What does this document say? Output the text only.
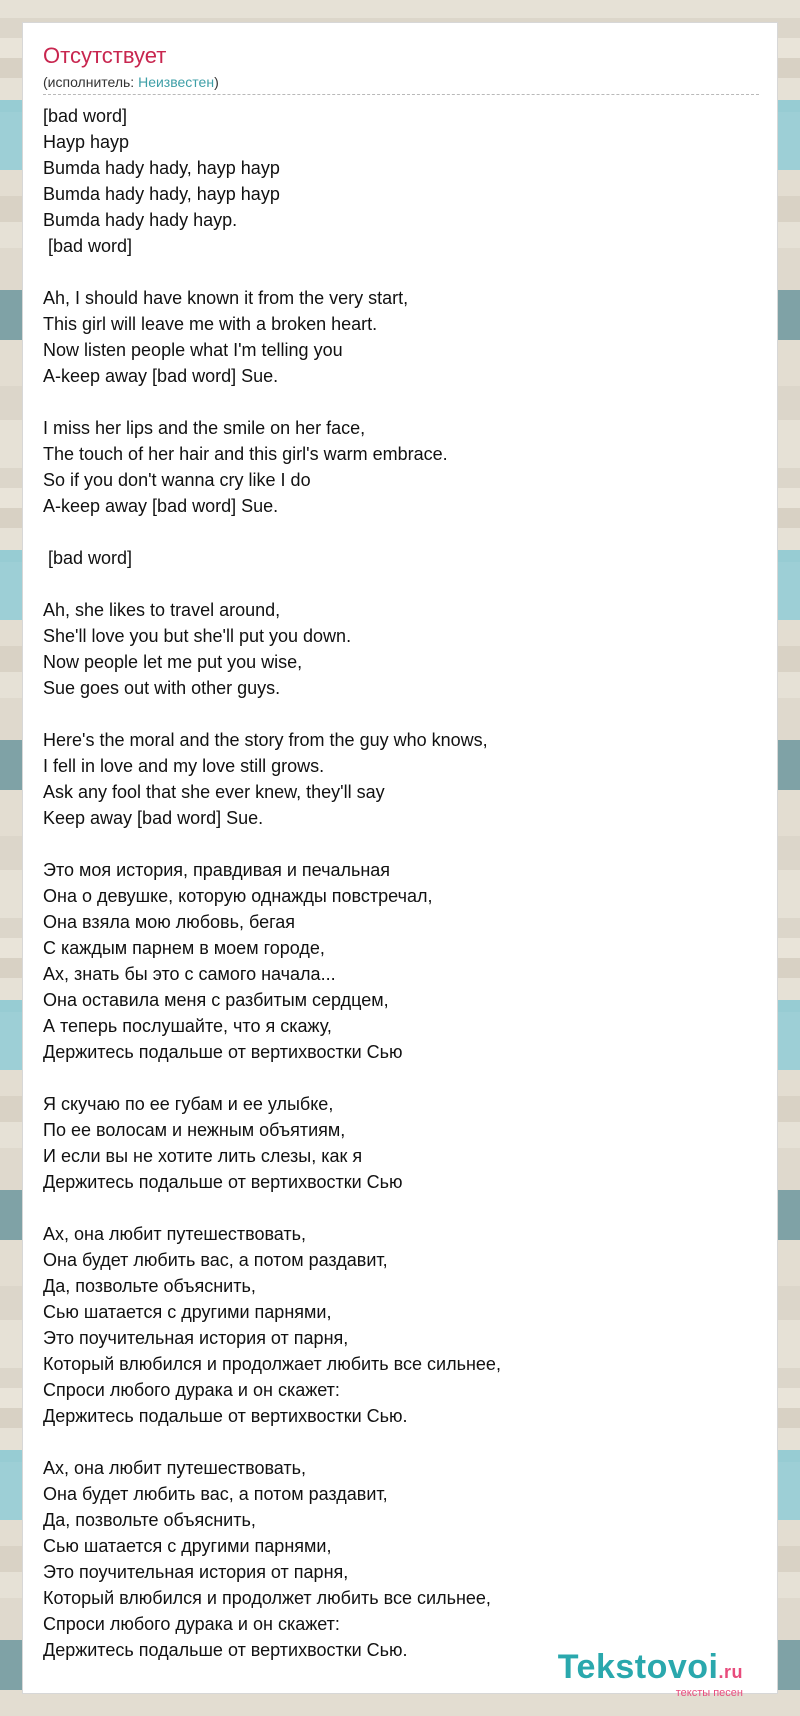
Отсутствует
(исполнитель: Неизвестен)
[bad word]
Hayp hayp
Bumda hady hady, hayp hayp
Bumda hady hady, hayp hayp
Bumda hady hady hayp.
[bad word]
Ah, I should have known it from the very start,
This girl will leave me with a broken heart.
Now listen people what I'm telling you
A-keep away [bad word] Sue.
I miss her lips and the smile on her face,
The touch of her hair and this girl's warm embrace.
So if you don't wanna cry like I do
A-keep away [bad word] Sue.
[bad word]
Ah, she likes to travel around,
She'll love you but she'll put you down.
Now people let me put you wise,
Sue goes out with other guys.
Here's the moral and the story from the guy who knows,
I fell in love and my love still grows.
Ask any fool that she ever knew, they'll say
Keep away [bad word] Sue.
Это моя история, правдивая и печальная
Она о девушке, которую однажды повстречал,
Она взяла мою любовь, бегая
С каждым парнем в моем городе,
Ах, знать бы это с самого начала...
Она оставила меня с разбитым сердцем,
А теперь послушайте, что я скажу,
Держитесь подальше от вертихвостки Сью
Я скучаю по ее губам и ее улыбке,
По ее волосам и нежным объятиям,
И если вы не хотите лить слезы, как я
Держитесь подальше от вертихвостки Сью
Ах, она любит путешествовать,
Она будет любить вас, а потом раздавит,
Да, позвольте объяснить,
Сью шатается с другими парнями,
Это поучительная история от парня,
Который влюбился и продолжает любить все сильнее,
Спроси любого дурака и он скажет:
Держитесь подальше от вертихвостки Сью.
Ах, она любит путешествовать,
Она будет любить вас, а потом раздавит,
Да, позвольте объяснить,
Сью шатается с другими парнями,
Это поучительная история от парня,
Который влюбился и продолжет любить все сильнее,
Спроси любого дурака и он скажет:
Держитесь подальше от вертихвостки Сью.	Tekstovoi.ru
тексты песен
